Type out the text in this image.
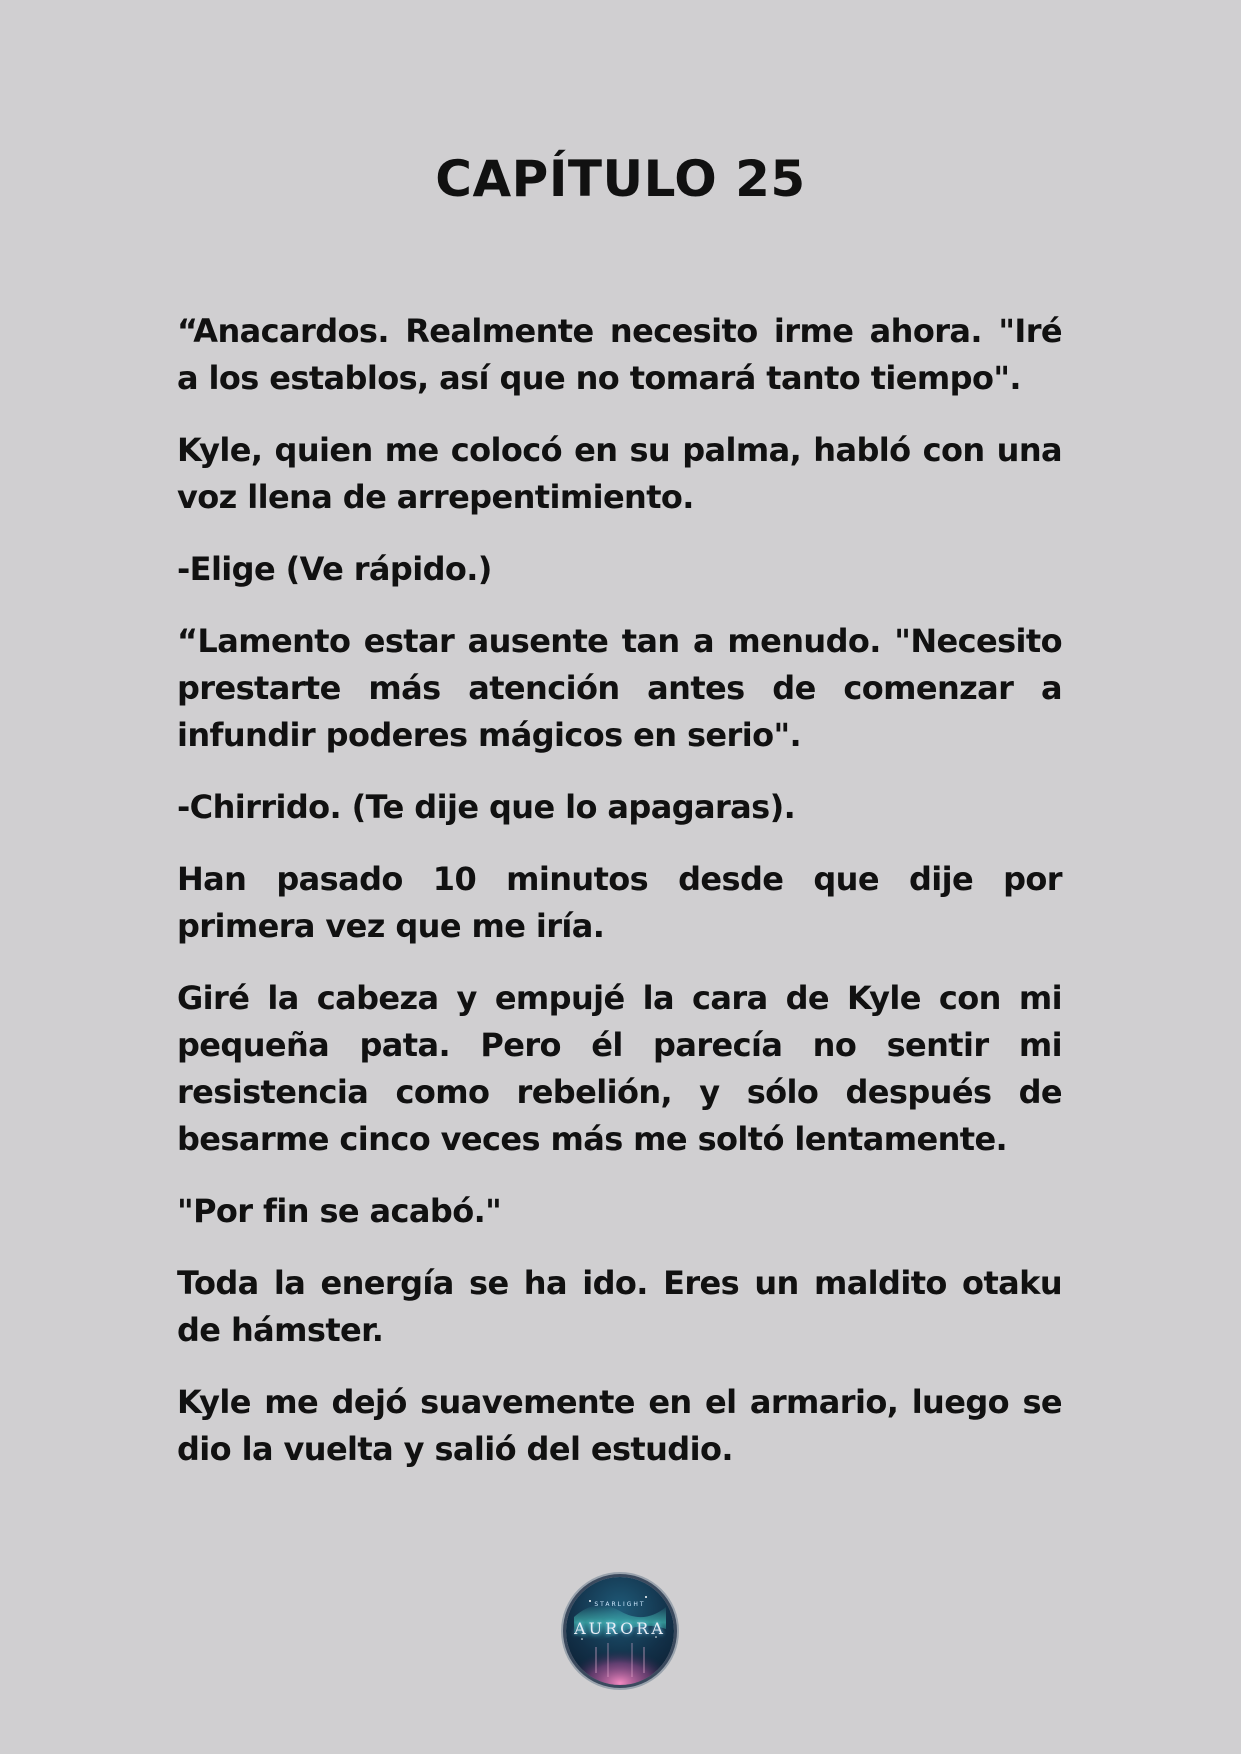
CAPÍTULO 25

“Anacardos. Realmente necesito irme ahora. "Iré a los establos, así que no tomará tanto tiempo".

Kyle, quien me colocó en su palma, habló con una voz llena de arrepentimiento.

-Elige (Ve rápido.)

“Lamento estar ausente tan a menudo. "Necesito prestarte más atención antes de comenzar a infundir poderes mágicos en serio".

-Chirrido. (Te dije que lo apagaras).

Han pasado 10 minutos desde que dije por primera vez que me iría.

Giré la cabeza y empujé la cara de Kyle con mi pequeña pata. Pero él parecía no sentir mi resistencia como rebelión, y sólo después de besarme cinco veces más me soltó lentamente.

"Por fin se acabó."

Toda la energía se ha ido. Eres un maldito otaku de hámster.

Kyle me dejó suavemente en el armario, luego se dio la vuelta y salió del estudio.

STARLIGHT
AURORA
